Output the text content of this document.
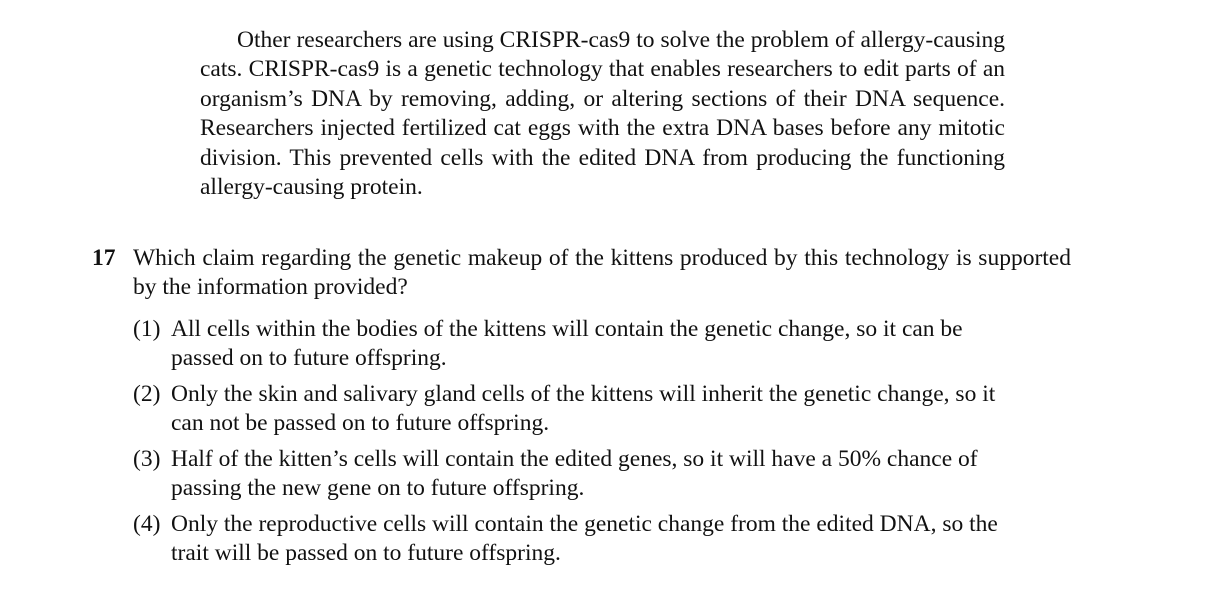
Other researchers are using CRISPR-cas9 to solve the problem of allergy-causing cats. CRISPR-cas9 is a genetic technology that enables researchers to edit parts of an organism’s DNA by removing, adding, or altering sections of their DNA sequence. Researchers injected fertilized cat eggs with the extra DNA bases before any mitotic division. This prevented cells with the edited DNA from producing the functioning allergy-causing protein.

17 Which claim regarding the genetic makeup of the kittens produced by this technology is supported by the information provided?

(1) All cells within the bodies of the kittens will contain the genetic change, so it can be passed on to future offspring.
(2) Only the skin and salivary gland cells of the kittens will inherit the genetic change, so it can not be passed on to future offspring.
(3) Half of the kitten’s cells will contain the edited genes, so it will have a 50% chance of passing the new gene on to future offspring.
(4) Only the reproductive cells will contain the genetic change from the edited DNA, so the trait will be passed on to future offspring.
